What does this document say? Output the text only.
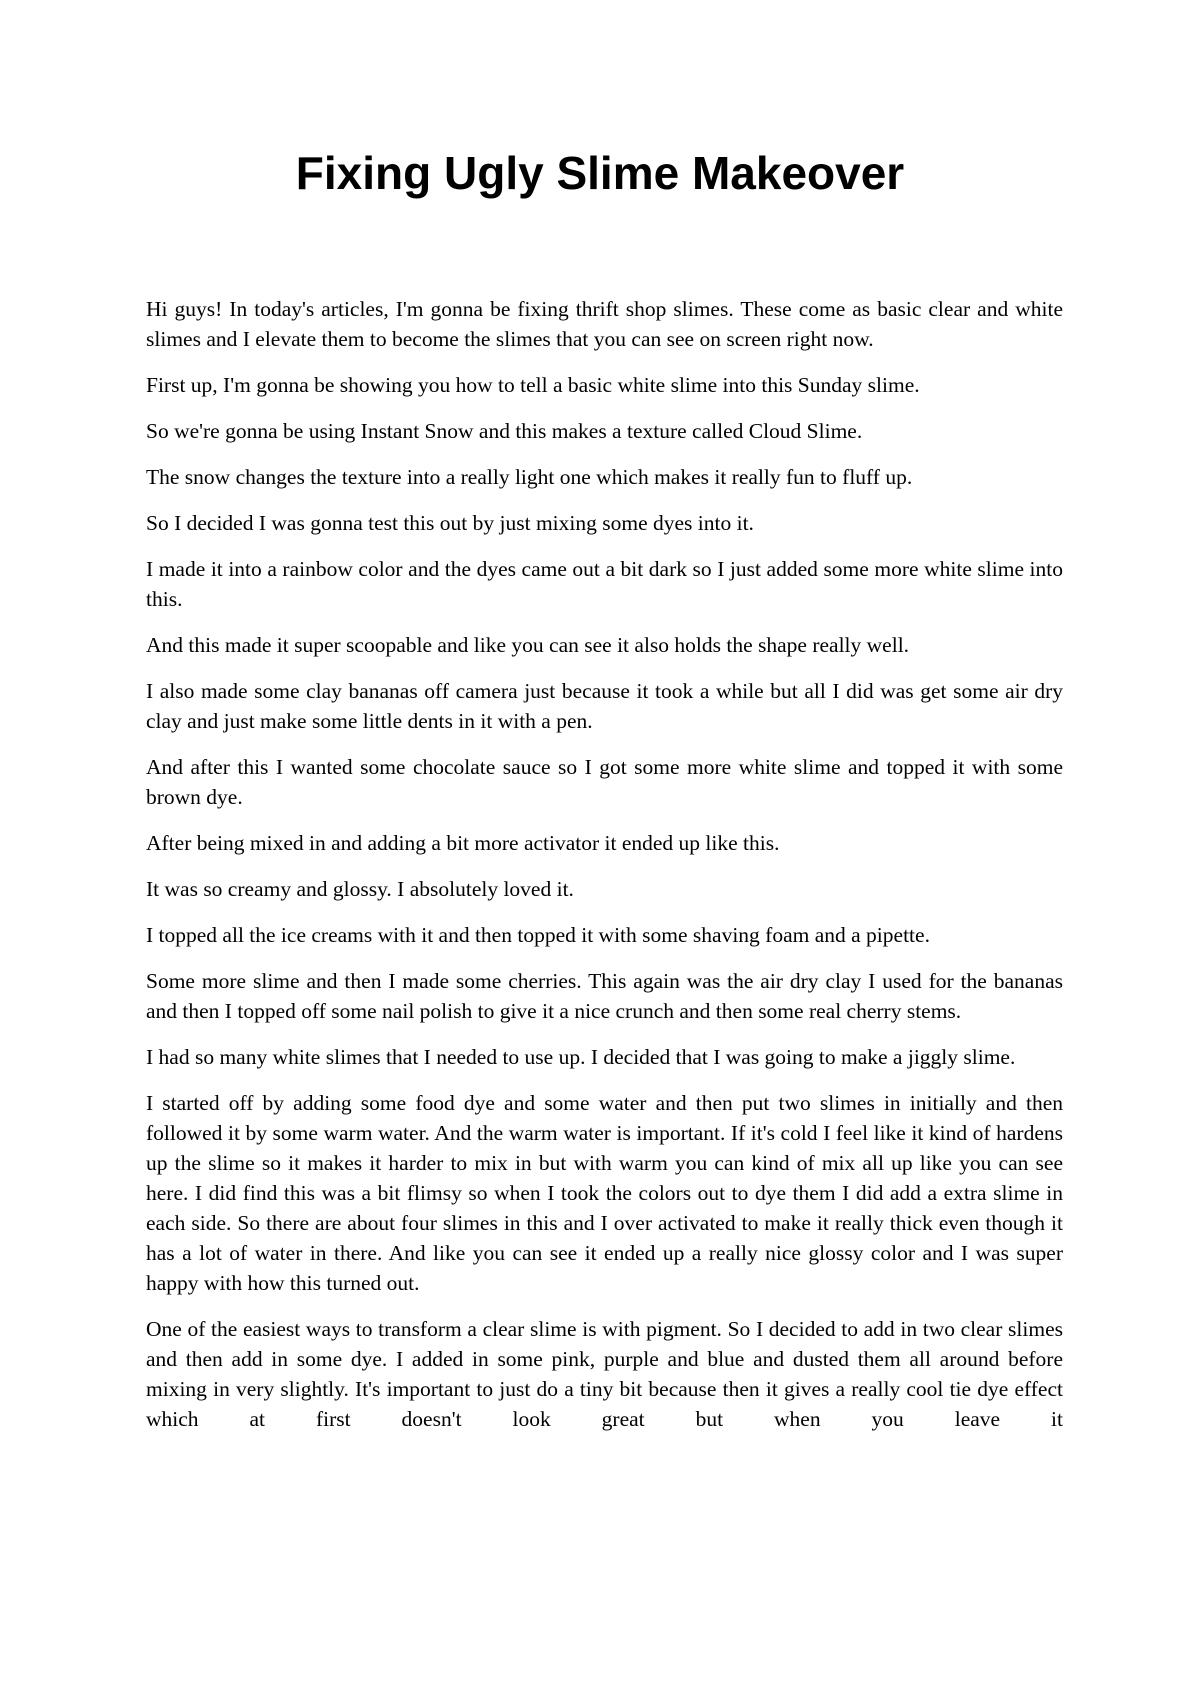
Fixing Ugly Slime Makeover

Hi guys! In today's articles, I'm gonna be fixing thrift shop slimes. These come as basic clear and white slimes and I elevate them to become the slimes that you can see on screen right now.

First up, I'm gonna be showing you how to tell a basic white slime into this Sunday slime.

So we're gonna be using Instant Snow and this makes a texture called Cloud Slime.

The snow changes the texture into a really light one which makes it really fun to fluff up.

So I decided I was gonna test this out by just mixing some dyes into it.

I made it into a rainbow color and the dyes came out a bit dark so I just added some more white slime into this.

And this made it super scoopable and like you can see it also holds the shape really well.

I also made some clay bananas off camera just because it took a while but all I did was get some air dry clay and just make some little dents in it with a pen.

And after this I wanted some chocolate sauce so I got some more white slime and topped it with some brown dye.

After being mixed in and adding a bit more activator it ended up like this.

It was so creamy and glossy. I absolutely loved it.

I topped all the ice creams with it and then topped it with some shaving foam and a pipette.

Some more slime and then I made some cherries. This again was the air dry clay I used for the bananas and then I topped off some nail polish to give it a nice crunch and then some real cherry stems.

I had so many white slimes that I needed to use up. I decided that I was going to make a jiggly slime.

I started off by adding some food dye and some water and then put two slimes in initially and then followed it by some warm water. And the warm water is important. If it's cold I feel like it kind of hardens up the slime so it makes it harder to mix in but with warm you can kind of mix all up like you can see here. I did find this was a bit flimsy so when I took the colors out to dye them I did add a extra slime in each side. So there are about four slimes in this and I over activated to make it really thick even though it has a lot of water in there. And like you can see it ended up a really nice glossy color and I was super happy with how this turned out.

One of the easiest ways to transform a clear slime is with pigment. So I decided to add in two clear slimes and then add in some dye. I added in some pink, purple and blue and dusted them all around before mixing in very slightly. It's important to just do a tiny bit because then it gives a really cool tie dye effect which at first doesn't look great but when you leave it
